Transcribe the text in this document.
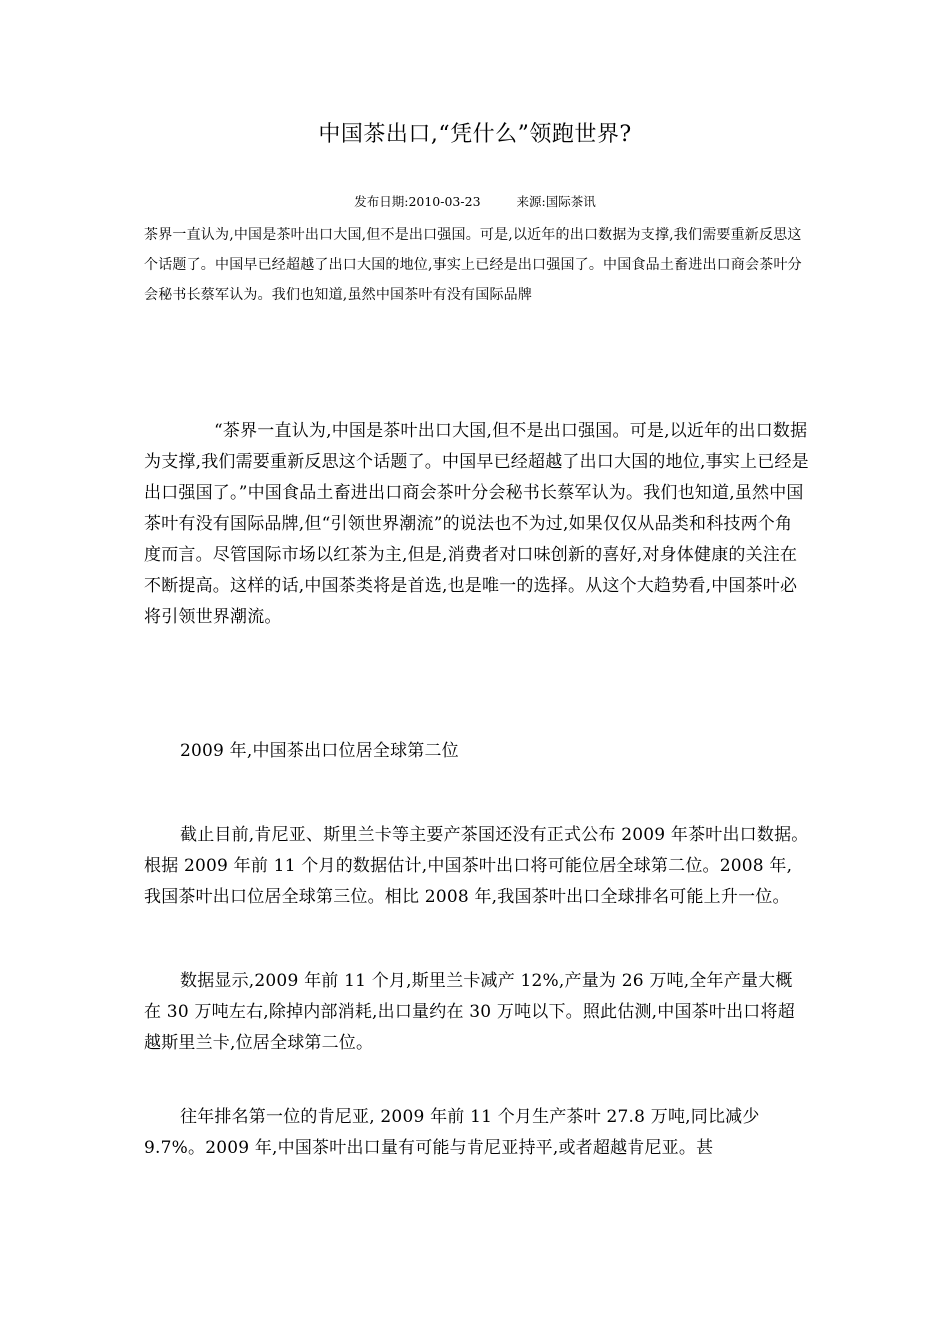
中国茶出口,“凭什么”领跑世界?
发布日期:2010-03-23	来源:国际茶讯

茶界一直认为,中国是茶叶出口大国,但不是出口强国。可是,以近年的出口数据为支撑,我们需要重新反思这个话题了。中国早已经超越了出口大国的地位,事实上已经是出口强国了。中国食品土畜进出口商会茶叶分会秘书长蔡军认为。我们也知道,虽然中国茶叶有没有国际品牌

“茶界一直认为,中国是茶叶出口大国,但不是出口强国。可是,以近年的出口数据为支撑,我们需要重新反思这个话题了。中国早已经超越了出口大国的地位,事实上已经是出口强国了。”中国食品土畜进出口商会茶叶分会秘书长蔡军认为。我们也知道,虽然中国茶叶有没有国际品牌,但“引领世界潮流”的说法也不为过,如果仅仅从品类和科技两个角度而言。尽管国际市场以红茶为主,但是,消费者对口味创新的喜好,对身体健康的关注在不断提高。这样的话,中国茶类将是首选,也是唯一的选择。从这个大趋势看,中国茶叶必将引领世界潮流。

2009 年,中国茶出口位居全球第二位

截止目前,肯尼亚、斯里兰卡等主要产茶国还没有正式公布 2009 年茶叶出口数据。根据 2009 年前 11 个月的数据估计,中国茶叶出口将可能位居全球第二位。2008 年,我国茶叶出口位居全球第三位。相比 2008 年,我国茶叶出口全球排名可能上升一位。

数据显示,2009 年前 11 个月,斯里兰卡减产 12%,产量为 26 万吨,全年产量大概在 30 万吨左右,除掉内部消耗,出口量约在 30 万吨以下。照此估测,中国茶叶出口将超越斯里兰卡,位居全球第二位。

往年排名第一位的肯尼亚, 2009 年前 11 个月生产茶叶 27.8 万吨,同比减少 9.7%。2009 年,中国茶叶出口量有可能与肯尼亚持平,或者超越肯尼亚。甚
